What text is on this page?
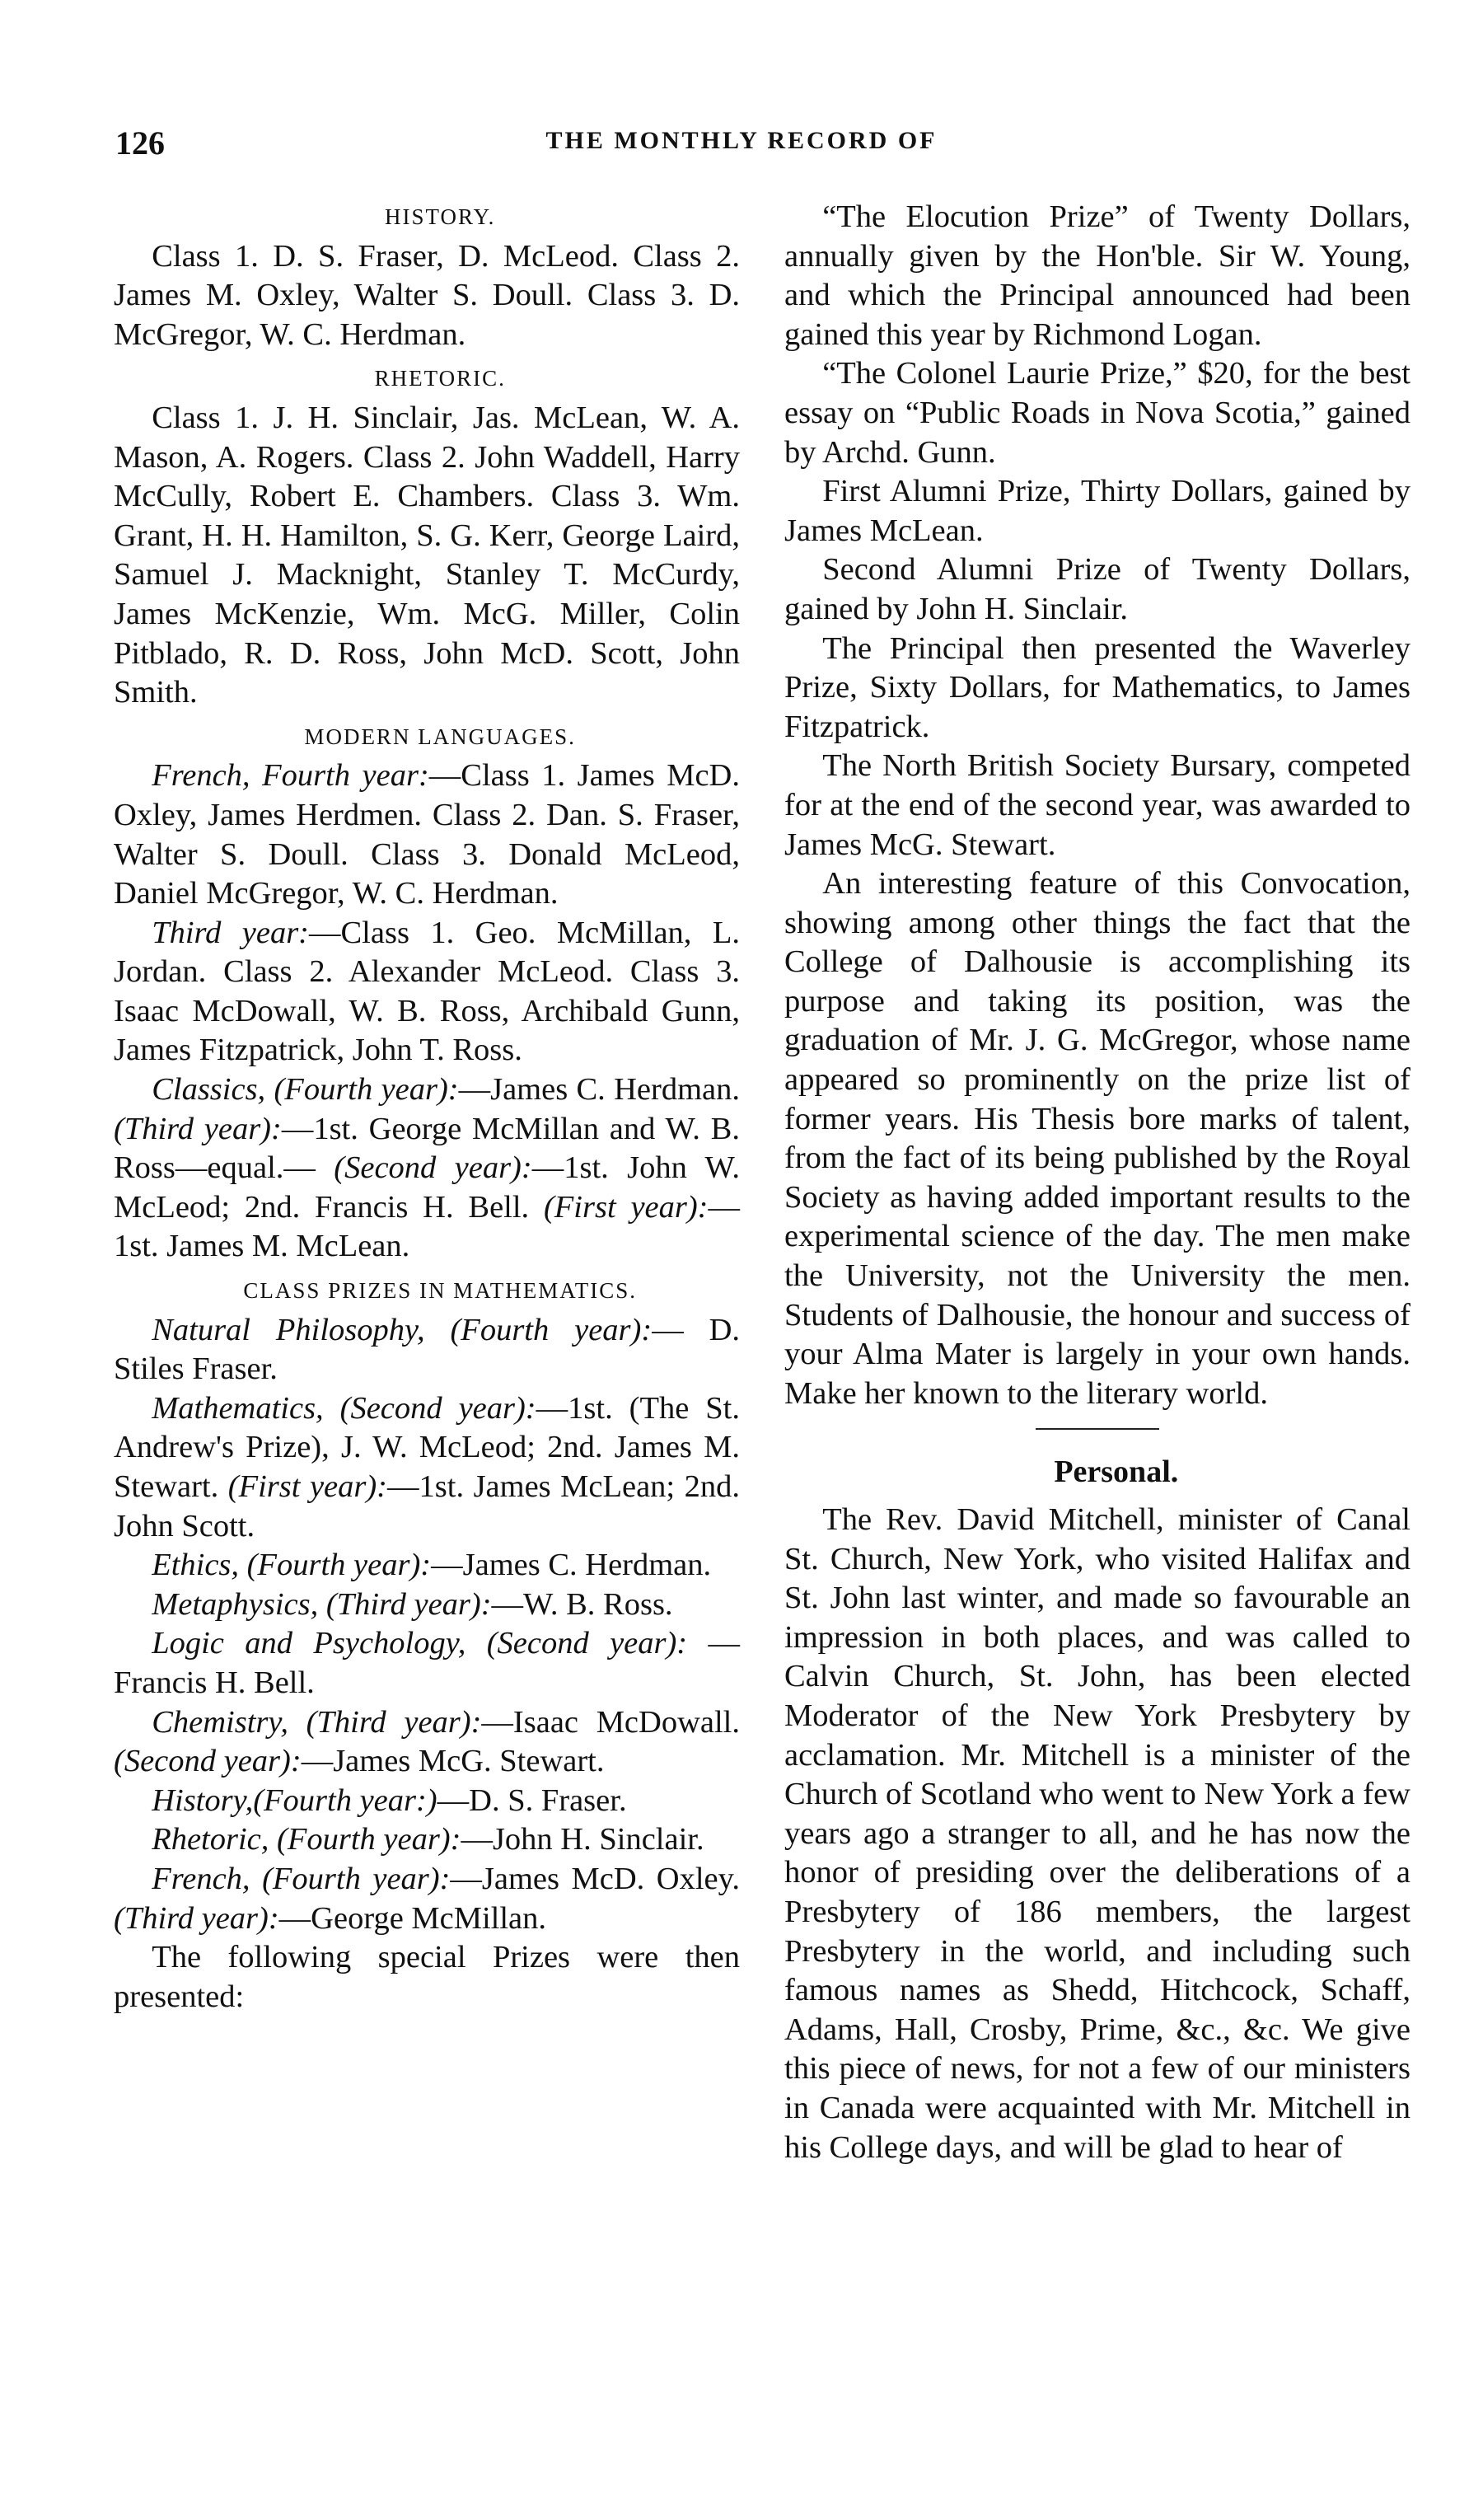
126	THE MONTHLY RECORD OF

HISTORY.

Class 1. D. S. Fraser, D. McLeod. Class 2. James M. Oxley, Walter S. Doull. Class 3. D. McGregor, W. C. Herdman.

RHETORIC.

Class 1. J. H. Sinclair, Jas. McLean, W. A. Mason, A. Rogers. Class 2. John Waddell, Harry McCully, Robert E. Chambers. Class 3. Wm. Grant, H. H. Hamilton, S. G. Kerr, George Laird, Samuel J. Macknight, Stanley T. McCurdy, James McKenzie, Wm. McG. Miller, Colin Pitblado, R. D. Ross, John McD. Scott, John Smith.

MODERN LANGUAGES.

French, Fourth year:—Class 1. James McD. Oxley, James Herdmen. Class 2. Dan. S. Fraser, Walter S. Doull. Class 3. Donald McLeod, Daniel McGregor, W. C. Herdman.

Third year:—Class 1. Geo. McMillan, L. Jordan. Class 2. Alexander McLeod. Class 3. Isaac McDowall, W. B. Ross, Archibald Gunn, James Fitzpatrick, John T. Ross.

Classics, (Fourth year):—James C. Herdman. (Third year):—1st. George McMillan and W. B. Ross—equal.— (Second year):—1st. John W. McLeod; 2nd. Francis H. Bell. (First year):— 1st. James M. McLean.

CLASS PRIZES IN MATHEMATICS.

Natural Philosophy, (Fourth year):— D. Stiles Fraser.

Mathematics, (Second year):—1st. (The St. Andrew's Prize), J. W. McLeod; 2nd. James M. Stewart. (First year):—1st. James McLean; 2nd. John Scott.

Ethics, (Fourth year):—James C. Herdman.

Metaphysics, (Third year):—W. B. Ross.

Logic and Psychology, (Second year): —Francis H. Bell.

Chemistry, (Third year):—Isaac McDowall. (Second year):—James McG. Stewart.

History,(Fourth year:)—D. S. Fraser.

Rhetoric, (Fourth year):—John H. Sinclair.

French, (Fourth year):—James McD. Oxley. (Third year):—George McMillan.

The following special Prizes were then presented:

“The Elocution Prize” of Twenty Dollars, annually given by the Hon'ble. Sir W. Young, and which the Principal announced had been gained this year by Richmond Logan.

“The Colonel Laurie Prize,” $20, for the best essay on “Public Roads in Nova Scotia,” gained by Archd. Gunn.

First Alumni Prize, Thirty Dollars, gained by James McLean.

Second Alumni Prize of Twenty Dollars, gained by John H. Sinclair.

The Principal then presented the Waverley Prize, Sixty Dollars, for Mathematics, to James Fitzpatrick.

The North British Society Bursary, competed for at the end of the second year, was awarded to James McG. Stewart.

An interesting feature of this Convocation, showing among other things the fact that the College of Dalhousie is accomplishing its purpose and taking its position, was the graduation of Mr. J. G. McGregor, whose name appeared so prominently on the prize list of former years. His Thesis bore marks of talent, from the fact of its being published by the Royal Society as having added important results to the experimental science of the day. The men make the University, not the University the men. Students of Dalhousie, the honour and success of your Alma Mater is largely in your own hands. Make her known to the literary world.

Personal.

The Rev. David Mitchell, minister of Canal St. Church, New York, who visited Halifax and St. John last winter, and made so favourable an impression in both places, and was called to Calvin Church, St. John, has been elected Moderator of the New York Presbytery by acclamation. Mr. Mitchell is a minister of the Church of Scotland who went to New York a few years ago a stranger to all, and he has now the honor of presiding over the deliberations of a Presbytery of 186 members, the largest Presbytery in the world, and including such famous names as Shedd, Hitchcock, Schaff, Adams, Hall, Crosby, Prime, &c., &c. We give this piece of news, for not a few of our ministers in Canada were acquainted with Mr. Mitchell in his College days, and will be glad to hear of
